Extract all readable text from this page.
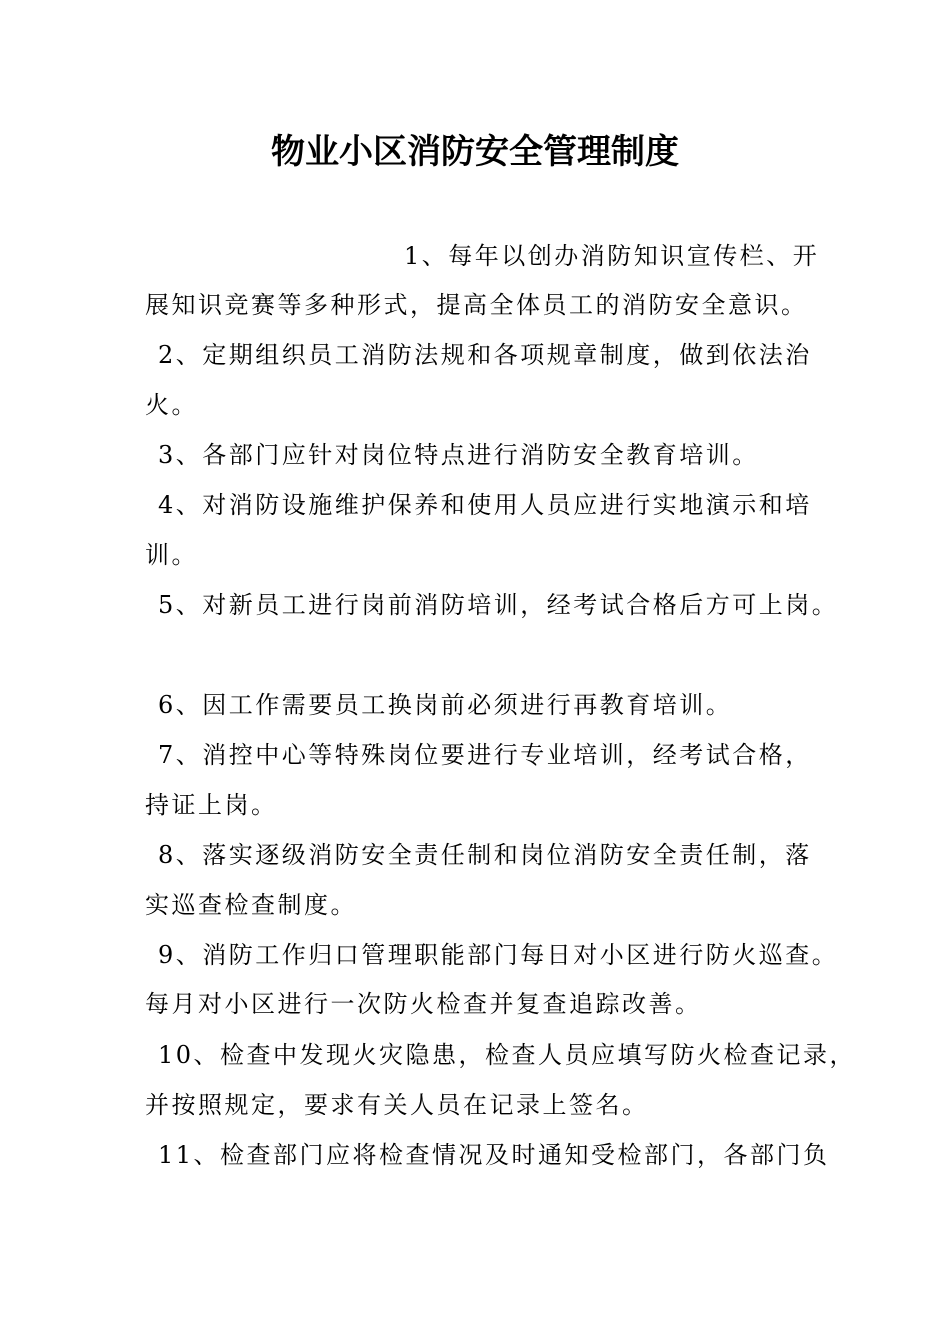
物业小区消防安全管理制度
1、每年以创办消防知识宣传栏、开
展知识竞赛等多种形式，提高全体员工的消防安全意识。
2、定期组织员工消防法规和各项规章制度，做到依法治
火。
3、各部门应针对岗位特点进行消防安全教育培训。
4、对消防设施维护保养和使用人员应进行实地演示和培
训。
5、对新员工进行岗前消防培训，经考试合格后方可上岗。
6、因工作需要员工换岗前必须进行再教育培训。
7、消控中心等特殊岗位要进行专业培训，经考试合格，
持证上岗。
8、落实逐级消防安全责任制和岗位消防安全责任制，落
实巡查检查制度。
9、消防工作归口管理职能部门每日对小区进行防火巡查。
每月对小区进行一次防火检查并复查追踪改善。
10、检查中发现火灾隐患，检查人员应填写防火检查记录，
并按照规定，要求有关人员在记录上签名。
11、检查部门应将检查情况及时通知受检部门，各部门负
